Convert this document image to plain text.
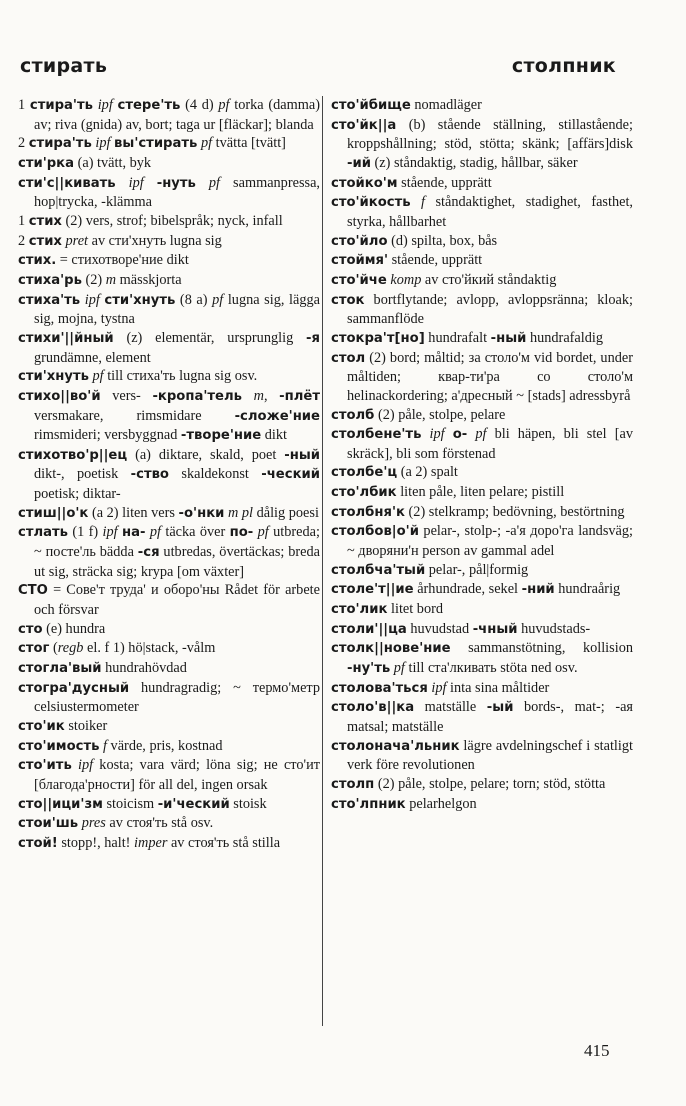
стирать	столпник

1 стира'ть ipf стере'ть (4 d) pf torka (damma) av; riva (gnida) av, bort; taga ur [fläckar]; blanda

2 стира'ть ipf вы'стирать pf tvätta [tvätt]

сти'рка (a) tvätt, byk

сти'с||кивать ipf -нуть pf sammanpressa, hop|trycka, -klämma

1 стих (2) vers, strof; bibelspråk; nyck, infall

2 стих pret av сти'хнуть lugna sig

стих. = стихотворе'ние dikt

стиха'рь (2) m mässkjorta

стиха'ть ipf сти'хнуть (8 a) pf lugna sig, lägga sig, mojna, tystna

стихи'||йный (z) elementär, ursprunglig -я grundämne, element

сти'хнуть pf till стиха'ть lugna sig osv.

стихо||во'й vers- -кропа'тель m, -плёт versmakare, rimsmidare -сложе'ние rimsmideri; versbyggnad -творе'ние dikt

стихотво'р||ец (a) diktare, skald, poet -ный dikt-, poetisk -ство skaldekonst -ческий poetisk; diktar-

стиш||о'к (a 2) liten vers -о'нки m pl dålig poesi

стлать (1 f) ipf на- pf täcka över по- pf utbreda; ~ посте'ль bädda -ся utbredas, övertäckas; breda ut sig, sträcka sig; krypa [om växter]

СТО = Сове'т труда' и оборо'ны Rådet för arbete och försvar

сто (e) hundra

стог (regb el. f 1) hö|stack, -vålm

стогла'вый hundrahövdad

стогра'дусный hundragradig; ~ термо'метр celsiustermometer

сто'ик stoiker

сто'имость f värde, pris, kostnad

сто'ить ipf kosta; vara värd; löna sig; не сто'ит [благода'рности] för all del, ingen orsak

сто||ици'зм stoicism -и'ческий stoisk

стои'шь pres av стоя'ть stå osv.

стой! stopp!, halt! imper av стоя'ть stå stilla

сто'йбище nomadläger

сто'йк||а (b) stående ställning, stillastående; kroppshållning; stöd, stötta; skänk; [affärs]disk -ий (z) ståndaktig, stadig, hållbar, säker

стойко'м stående, upprätt

сто'йкость f ståndaktighet, stadighet, fasthet, styrka, hållbarhet

сто'йло (d) spilta, box, bås

стоймя' stående, upprätt

сто'йче komp av сто'йкий ståndaktig

сток bortflytande; avlopp, avloppsränna; kloak; sammanflöde

стокра'т[но] hundrafalt -ный hundrafaldig

стол (2) bord; måltid; за столо'м vid bordet, under måltiden; квар-ти'ра со столо'м helinackordering; а'дресный ~ [stads] adressbyrå

столб (2) påle, stolpe, pelare

столбене'ть ipf о- pf bli häpen, bli stel [av skräck], bli som förstenad

столбе'ц (a 2) spalt

сто'лбик liten påle, liten pelare; pistill

столбня'к (2) stelkramp; bedövning, bestörtning

столбов|о'й pelar-, stolp-; -а'я доро'га landsväg; ~ дворяни'н person av gammal adel

столбча'тый pelar-, pål|formig

столе'т||ие århundrade, sekel -ний hundraårig

сто'лик litet bord

столи'||ца huvudstad -чный huvudstads-

столк||нове'ние sammanstötning, kollision -ну'ть pf till ста'лкивать stöta ned osv.

столова'ться ipf inta sina måltider

столо'в||ка matställe -ый bords-, mat-; -ая matsal; matställe

столонача'льник lägre avdelningschef i statligt verk före revolutionen

столп (2) påle, stolpe, pelare; torn; stöd, stötta

сто'лпник pelarhelgon

415
